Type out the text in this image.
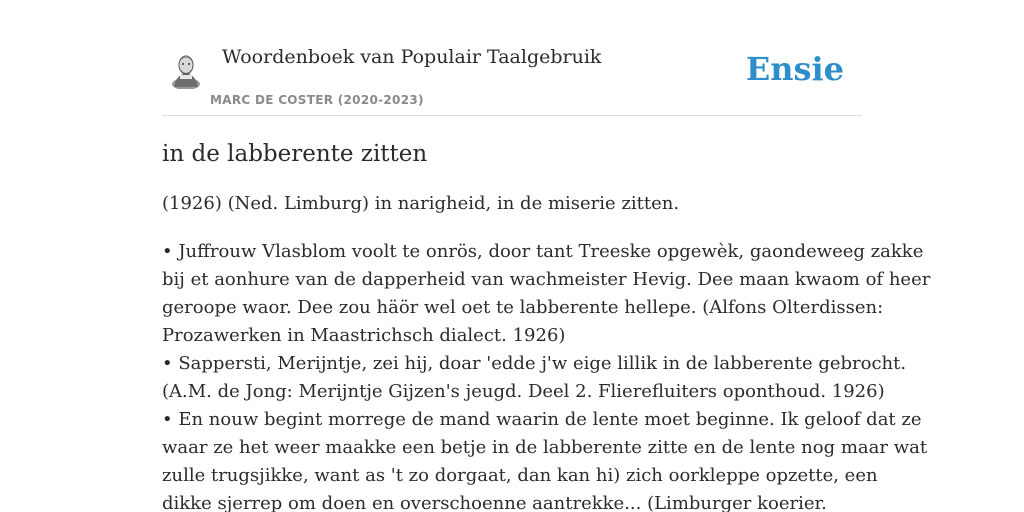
Woordenboek van Populair Taalgebruik
MARC DE COSTER (2020-2023)
Ensie
in de labberente zitten

(1926) (Ned. Limburg) in narigheid, in de miserie zitten.

• Juffrouw Vlasblom voolt te onrös, door tant Treeske opgewèk, gaondeweeg zakke
bij et aonhure van de dapperheid van wachmeister Hevig. Dee maan kwaom of heer
geroope waor. Dee zou häör wel oet te labberente hellepe. (Alfons Olterdissen:
Prozawerken in Maastrichsch dialect. 1926)
• Sappersti, Merijntje, zei hij, doar 'edde j'w eige lillik in de labberente gebrocht.
(A.M. de Jong: Merijntje Gijzen's jeugd. Deel 2. Flierefluiters oponthoud. 1926)
• En nouw begint morrege de mand waarin de lente moet beginne. Ik geloof dat ze
waar ze het weer maakke een betje in de labberente zitte en de lente nog maar wat
zulle trugsjikke, want as 't zo dorgaat, dan kan hi) zich oorkleppe opzette, een
dikke sjerrep om doen en overschoenne aantrekke... (Limburger koerier.
